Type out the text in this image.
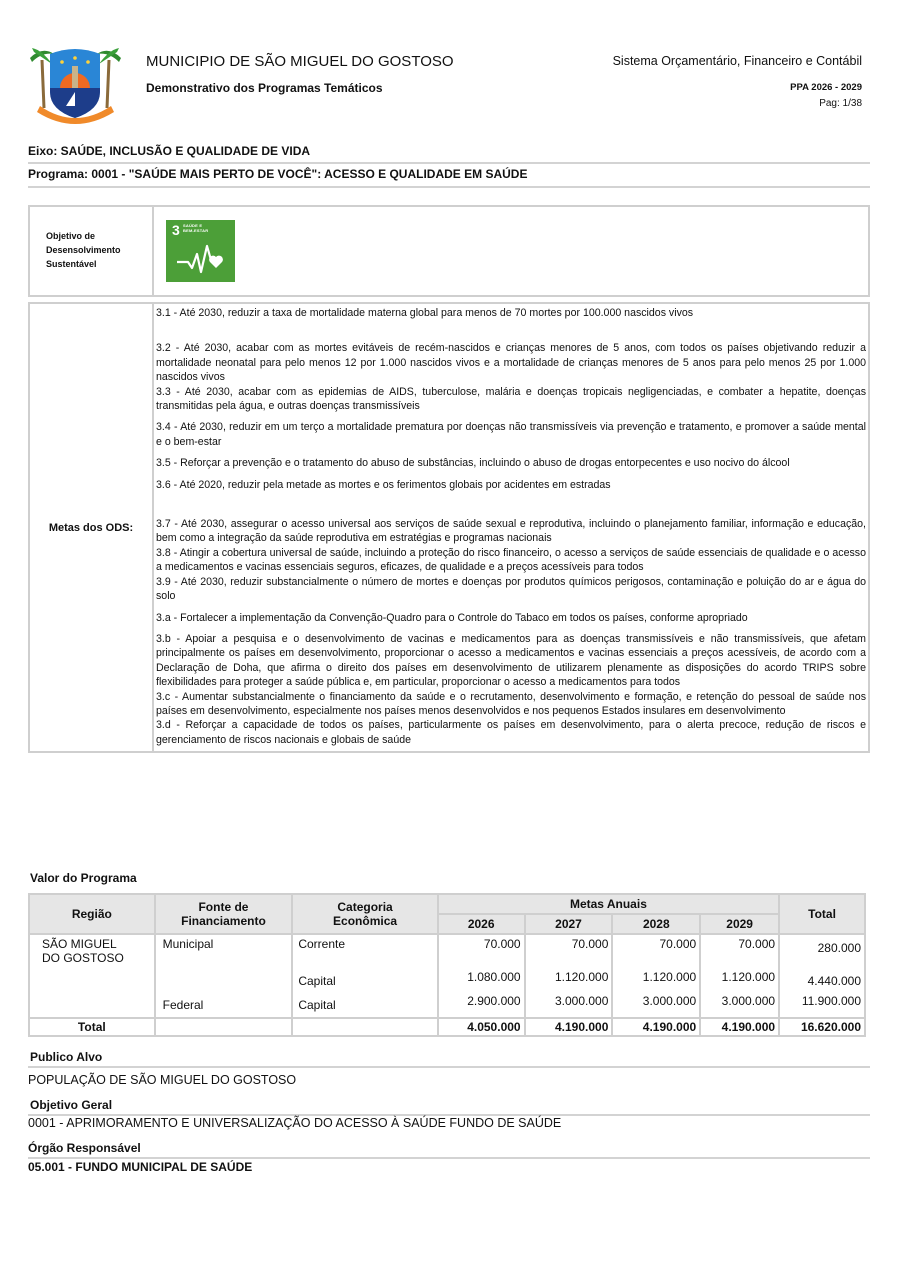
MUNICIPIO DE SÃO MIGUEL DO GOSTOSO
Demonstrativo dos Programas Temáticos
Sistema Orçamentário, Financeiro e Contábil
PPA 2026 - 2029
Pag: 1/38
Eixo: SAÚDE, INCLUSÃO E QUALIDADE DE VIDA
Programa: 0001 - "SAÚDE MAIS PERTO DE VOCÊ": ACESSO E QUALIDADE EM SAÚDE
Objetivo de Desensolvimento Sustentável	
3 SAÚDE E
BEM-ESTAR
Metas dos ODS:	
3.1 - Até 2030, reduzir a taxa de mortalidade materna global para menos de 70 mortes por 100.000 nascidos vivos
3.2 - Até 2030, acabar com as mortes evitáveis de recém-nascidos e crianças menores de 5 anos, com todos os países objetivando reduzir a mortalidade neonatal para pelo menos 12 por 1.000 nascidos vivos e a mortalidade de crianças menores de 5 anos para pelo menos 25 por 1.000 nascidos vivos
3.3 - Até 2030, acabar com as epidemias de AIDS, tuberculose, malária e doenças tropicais negligenciadas, e combater a hepatite, doenças transmitidas pela água, e outras doenças transmissíveis
3.4 - Até 2030, reduzir em um terço a mortalidade prematura por doenças não transmissíveis via prevenção e tratamento, e promover a saúde mental e o bem-estar
3.5 - Reforçar a prevenção e o tratamento do abuso de substâncias, incluindo o abuso de drogas entorpecentes e uso nocivo do álcool
3.6 - Até 2020, reduzir pela metade as mortes e os ferimentos globais por acidentes em estradas
3.7 - Até 2030, assegurar o acesso universal aos serviços de saúde sexual e reprodutiva, incluindo o planejamento familiar, informação e educação, bem como a integração da saúde reprodutiva em estratégias e programas nacionais
3.8 - Atingir a cobertura universal de saúde, incluindo a proteção do risco financeiro, o acesso a serviços de saúde essenciais de qualidade e o acesso a medicamentos e vacinas essenciais seguros, eficazes, de qualidade e a preços acessíveis para todos
3.9 - Até 2030, reduzir substancialmente o número de mortes e doenças por produtos químicos perigosos, contaminação e poluição do ar e água do solo
3.a - Fortalecer a implementação da Convenção-Quadro para o Controle do Tabaco em todos os países, conforme apropriado
3.b - Apoiar a pesquisa e o desenvolvimento de vacinas e medicamentos para as doenças transmissíveis e não transmissíveis, que afetam principalmente os países em desenvolvimento, proporcionar o acesso a medicamentos e vacinas essenciais a preços acessíveis, de acordo com a Declaração de Doha, que afirma o direito dos países em desenvolvimento de utilizarem plenamente as disposições do acordo TRIPS sobre flexibilidades para proteger a saúde pública e, em particular, proporcionar o acesso a medicamentos para todos
3.c - Aumentar substancialmente o financiamento da saúde e o recrutamento, desenvolvimento e formação, e retenção do pessoal de saúde nos países em desenvolvimento, especialmente nos países menos desenvolvidos e nos pequenos Estados insulares em desenvolvimento
3.d - Reforçar a capacidade de todos os países, particularmente os países em desenvolvimento, para o alerta precoce, redução de riscos e gerenciamento de riscos nacionais e globais de saúde
Valor do Programa
Região	Fonte de
Financiamento	Categoria
Econômica	Metas Anuais				Total
			2026	2027	2028	2029	
SÃO MIGUEL
DO GOSTOSO	Municipal	Corrente	70.000	70.000	70.000	70.000	280.000
		Capital	1.080.000	1.120.000	1.120.000	1.120.000	4.440.000
	Federal	Capital	2.900.000	3.000.000	3.000.000	3.000.000	11.900.000
Total			4.050.000	4.190.000	4.190.000	4.190.000	16.620.000
Publico Alvo
POPULAÇÃO DE SÃO MIGUEL DO GOSTOSO
Objetivo Geral
0001 - APRIMORAMENTO E UNIVERSALIZAÇÃO DO ACESSO À SAÚDE FUNDO DE SAÚDE
Órgão Responsável
05.001 - FUNDO MUNICIPAL DE SAÚDE
